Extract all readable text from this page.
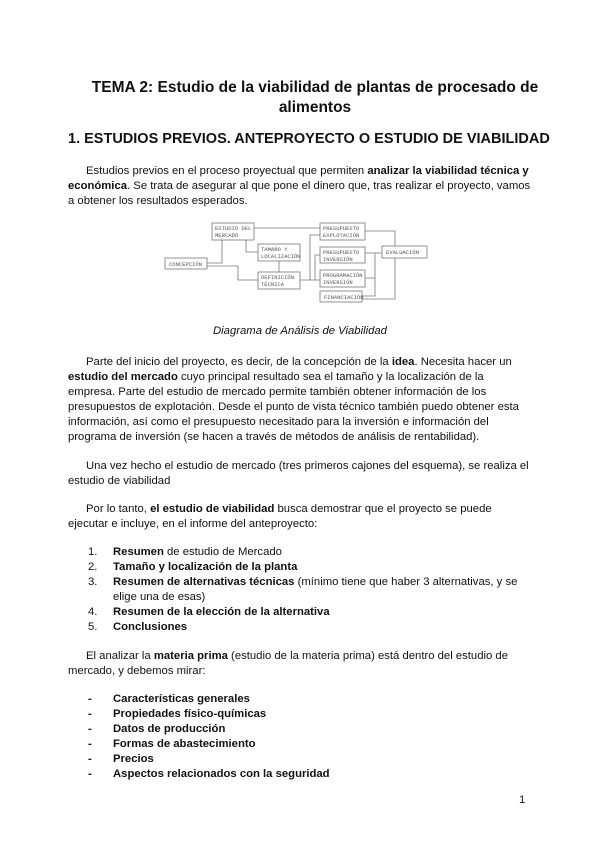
TEMA 2: Estudio de la viabilidad de plantas de procesado de alimentos
1. ESTUDIOS PREVIOS. ANTEPROYECTO O ESTUDIO DE VIABILIDAD
Estudios previos en el proceso proyectual que permiten analizar la viabilidad técnica y económica. Se trata de asegurar al que pone el dinero que, tras realizar el proyecto, vamos a obtener los resultados esperados.
CONCEPCIÓN
ESTUDIO DEL
MERCADO
TAMAÑO Y
LOCALIZACIÓN
DEFINICIÓN
TÉCNICA
PRESUPUESTO
EXPLOTACIÓN
PRESUPUESTO
INVERSIÓN
PROGRAMACIÓN
INVERSIÓN
FINANCIACIÓN
EVALUACIÓN
Diagrama de Análisis de Viabilidad
Parte del inicio del proyecto, es decir, de la concepción de la idea. Necesita hacer un estudio del mercado cuyo principal resultado sea el tamaño y la localización de la empresa. Parte del estudio de mercado permite también obtener información de los presupuestos de explotación. Desde el punto de vista técnico también puedo obtener esta información, así como el presupuesto necesitado para la inversión e información del programa de inversión (se hacen a través de métodos de análisis de rentabilidad).
Una vez hecho el estudio de mercado (tres primeros cajones del esquema), se realiza el estudio de viabilidad
Por lo tanto, el estudio de viabilidad busca demostrar que el proyecto se puede ejecutar e incluye, en el informe del anteproyecto:
1.	Resumen de estudio de Mercado
2.	Tamaño y localización de la planta
3.	Resumen de alternativas técnicas (mínimo tiene que haber 3 alternativas, y se elige una de esas)
4.	Resumen de la elección de la alternativa
5.	Conclusiones
El analizar la materia prima (estudio de la materia prima) está dentro del estudio de mercado, y debemos mirar:
-	Características generales
-	Propiedades físico-químicas
-	Datos de producción
-	Formas de abastecimiento
-	Precios
-	Aspectos relacionados con la seguridad
1
